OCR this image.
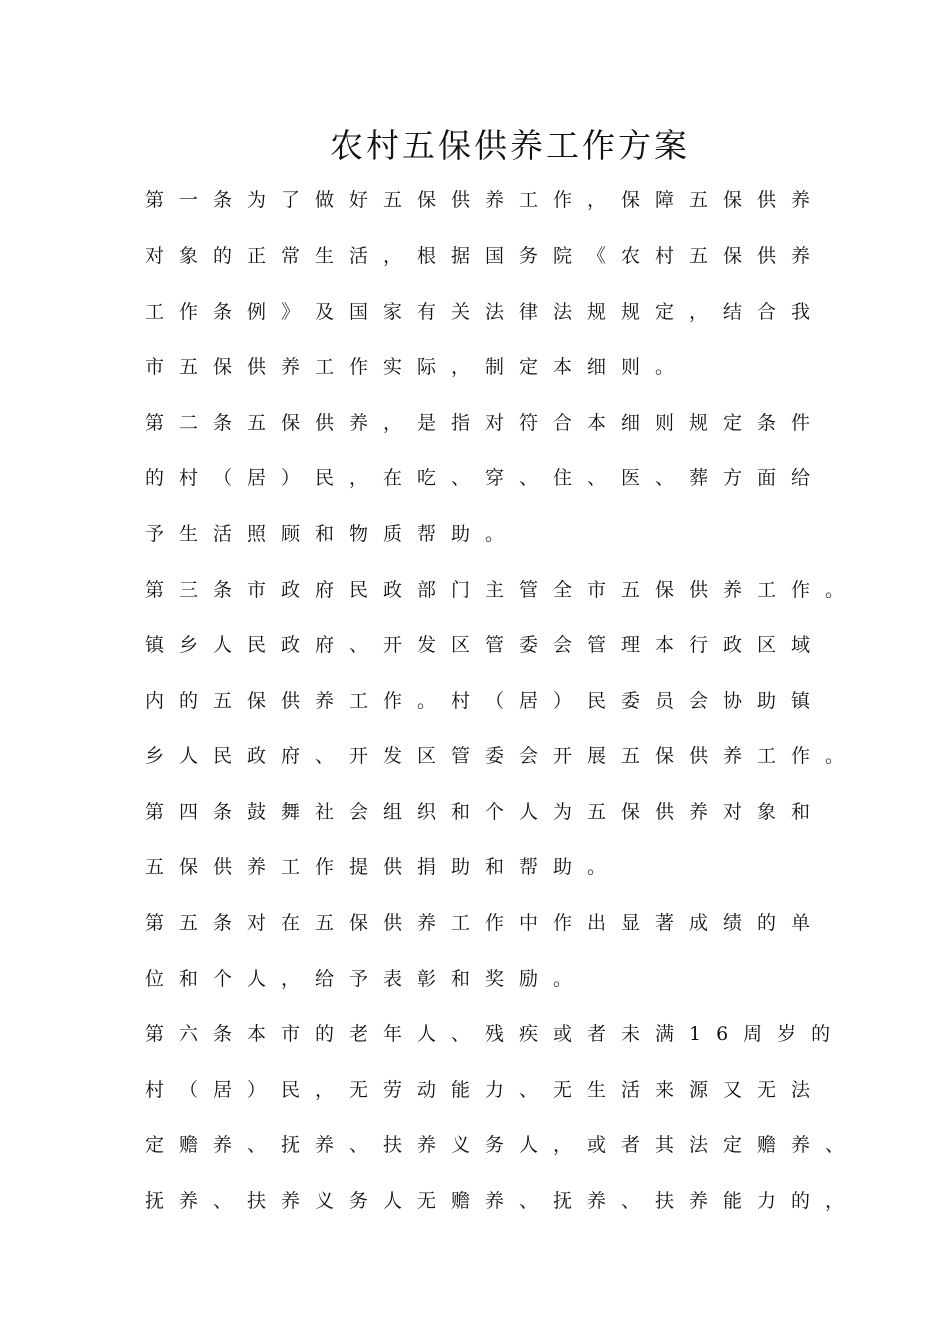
农村五保供养工作方案
第一条为了做好五保供养工作，保障五保供养
对象的正常生活，根据国务院《农村五保供养
工作条例》及国家有关法律法规规定，结合我
市五保供养工作实际，制定本细则。
第二条五保供养，是指对符合本细则规定条件
的村（居）民，在吃、穿、住、医、葬方面给
予生活照顾和物质帮助。
第三条市政府民政部门主管全市五保供养工作。
镇乡人民政府、开发区管委会管理本行政区域
内的五保供养工作。村（居）民委员会协助镇
乡人民政府、开发区管委会开展五保供养工作。
第四条鼓舞社会组织和个人为五保供养对象和
五保供养工作提供捐助和帮助。
第五条对在五保供养工作中作出显著成绩的单
位和个人，给予表彰和奖励。
第六条本市的老年人、残疾或者未满16周岁的
村（居）民，无劳动能力、无生活来源又无法
定赡养、抚养、扶养义务人，或者其法定赡养、
抚养、扶养义务人无赡养、抚养、扶养能力的，
